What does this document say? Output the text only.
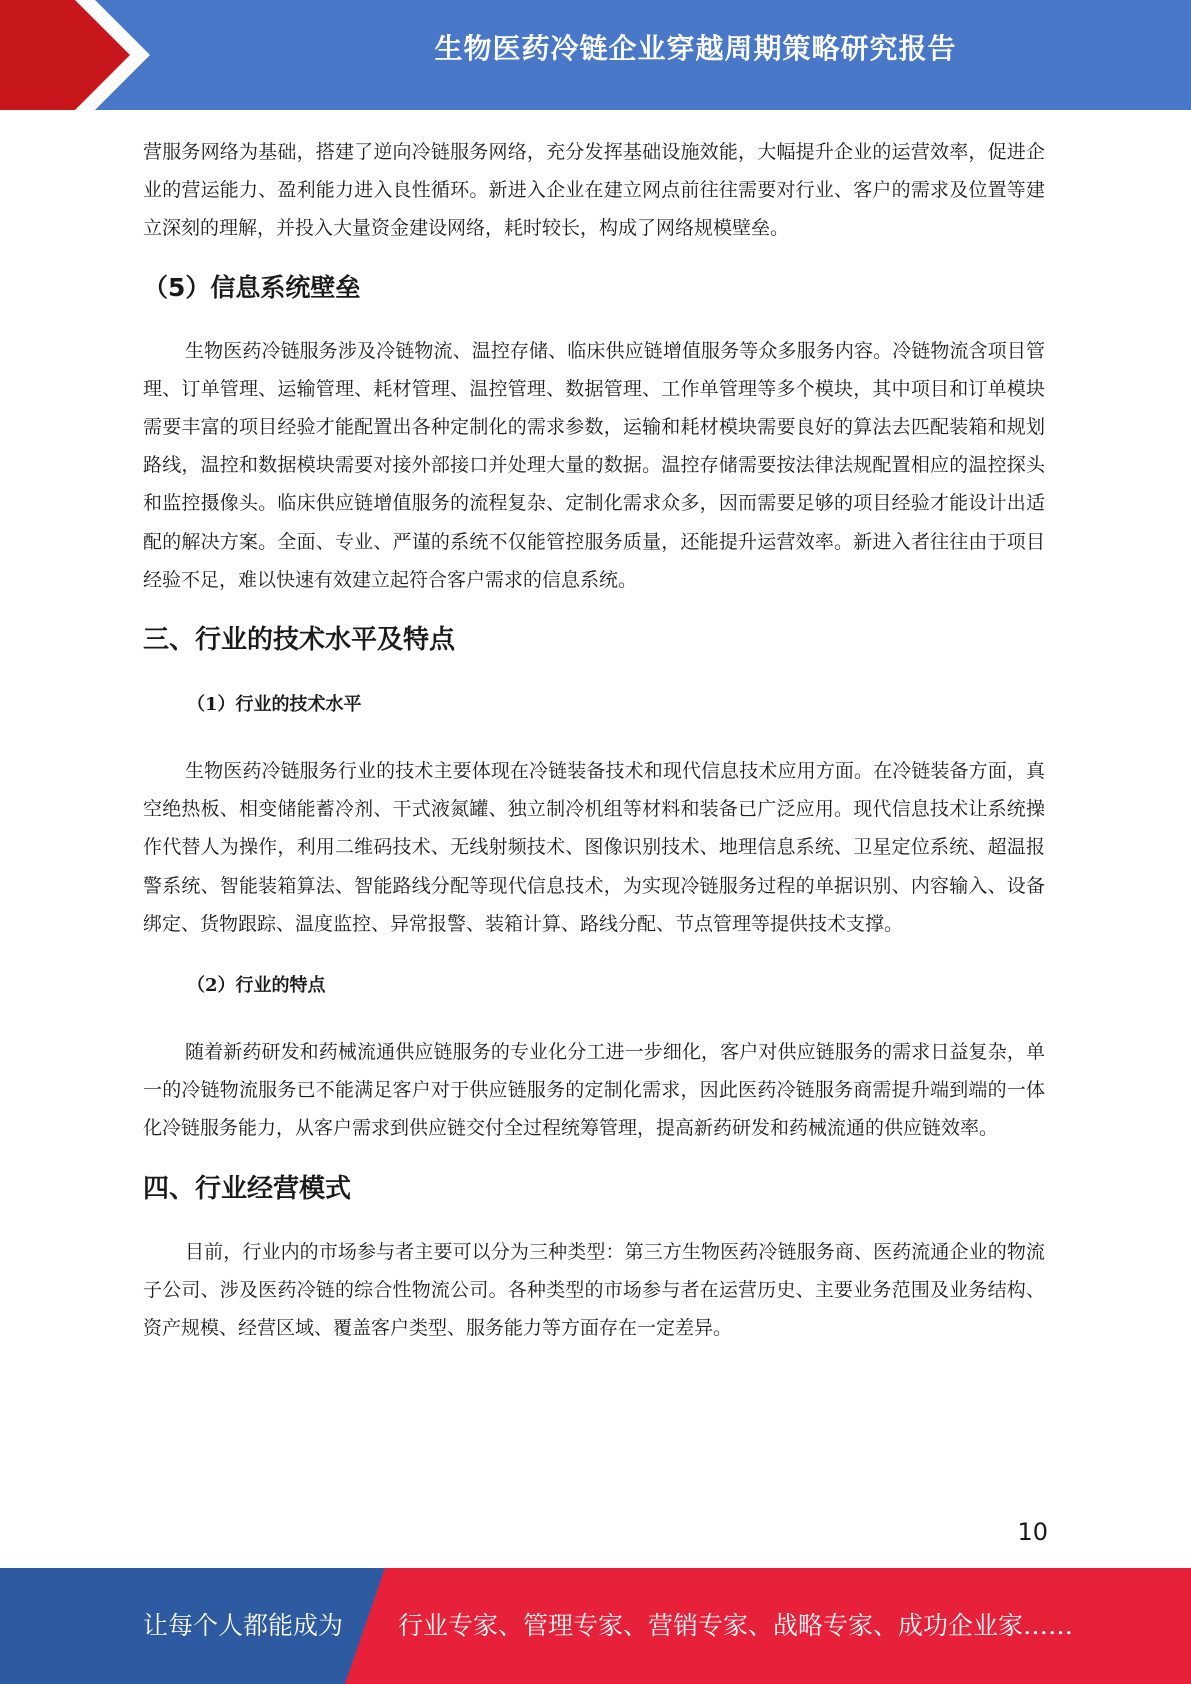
生物医药冷链企业穿越周期策略研究报告

营服务网络为基础，搭建了逆向冷链服务网络，充分发挥基础设施效能，大幅提升企业的运营效率，促进企业的营运能力、盈利能力进入良性循环。新进入企业在建立网点前往往需要对行业、客户的需求及位置等建立深刻的理解，并投入大量资金建设网络，耗时较长，构成了网络规模壁垒。

（5）信息系统壁垒

生物医药冷链服务涉及冷链物流、温控存储、临床供应链增值服务等众多服务内容。冷链物流含项目管理、订单管理、运输管理、耗材管理、温控管理、数据管理、工作单管理等多个模块，其中项目和订单模块需要丰富的项目经验才能配置出各种定制化的需求参数，运输和耗材模块需要良好的算法去匹配装箱和规划路线，温控和数据模块需要对接外部接口并处理大量的数据。温控存储需要按法律法规配置相应的温控探头和监控摄像头。临床供应链增值服务的流程复杂、定制化需求众多，因而需要足够的项目经验才能设计出适配的解决方案。全面、专业、严谨的系统不仅能管控服务质量，还能提升运营效率。新进入者往往由于项目经验不足，难以快速有效建立起符合客户需求的信息系统。

三、行业的技术水平及特点
（1）行业的技术水平

生物医药冷链服务行业的技术主要体现在冷链装备技术和现代信息技术应用方面。在冷链装备方面，真空绝热板、相变储能蓄冷剂、干式液氮罐、独立制冷机组等材料和装备已广泛应用。现代信息技术让系统操作代替人为操作，利用二维码技术、无线射频技术、图像识别技术、地理信息系统、卫星定位系统、超温报警系统、智能装箱算法、智能路线分配等现代信息技术，为实现冷链服务过程的单据识别、内容输入、设备绑定、货物跟踪、温度监控、异常报警、装箱计算、路线分配、节点管理等提供技术支撑。

（2）行业的特点

随着新药研发和药械流通供应链服务的专业化分工进一步细化，客户对供应链服务的需求日益复杂，单一的冷链物流服务已不能满足客户对于供应链服务的定制化需求，因此医药冷链服务商需提升端到端的一体化冷链服务能力，从客户需求到供应链交付全过程统筹管理，提高新药研发和药械流通的供应链效率。

四、行业经营模式

目前，行业内的市场参与者主要可以分为三种类型：第三方生物医药冷链服务商、医药流通企业的物流子公司、涉及医药冷链的综合性物流公司。各种类型的市场参与者在运营历史、主要业务范围及业务结构、资产规模、经营区域、覆盖客户类型、服务能力等方面存在一定差异。

10
让每个人都能成为 行业专家、管理专家、营销专家、战略专家、成功企业家……
